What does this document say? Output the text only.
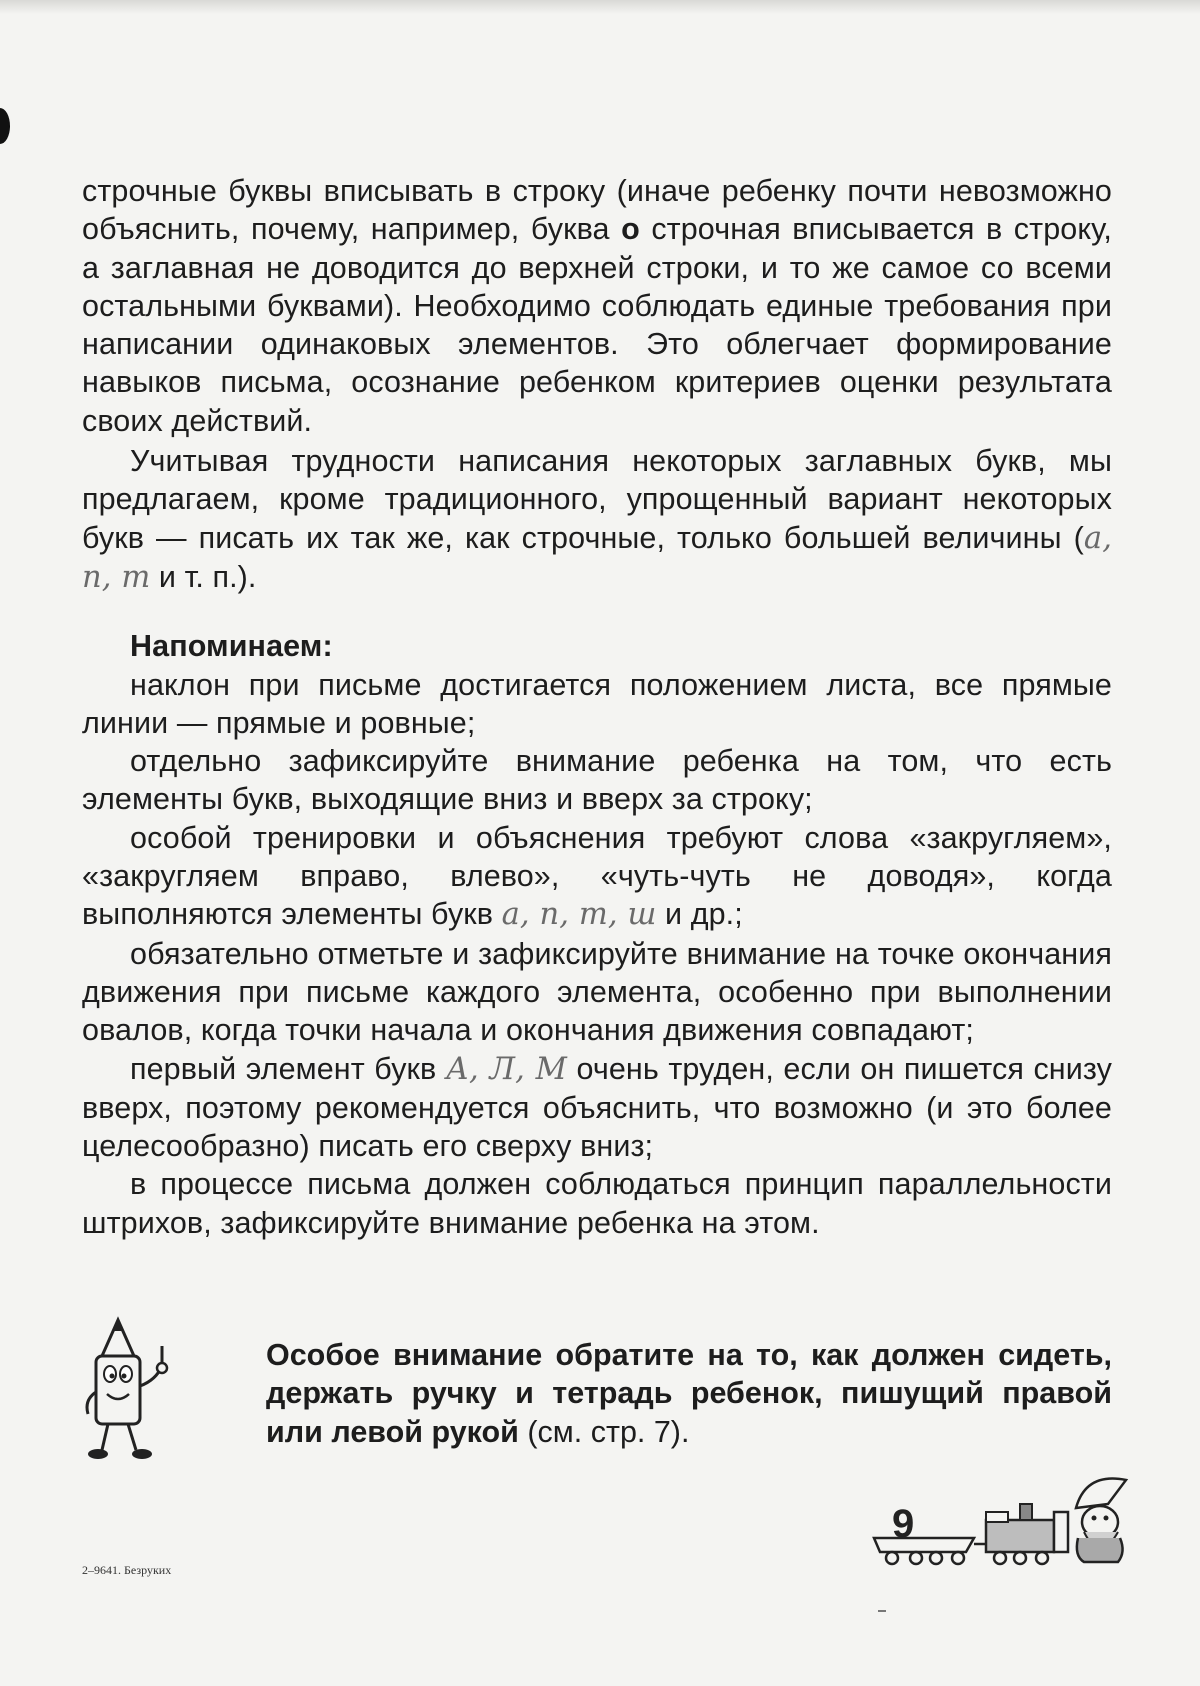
строчные буквы вписывать в строку (иначе ребенку почти невозможно объяснить, почему, например, буква о строчная вписывается в строку, а заглавная не доводится до верхней строки, и то же самое со всеми остальными буквами). Необходимо соблюдать единые требования при написании одинаковых элементов. Это облегчает формирование навыков письма, осознание ребенком критериев оценки результата своих действий.

Учитывая трудности написания некоторых заглавных букв, мы предлагаем, кроме традиционного, упрощенный вариант некоторых букв — писать их так же, как строчные, только большей величины (а, п, т и т. п.).

Напоминаем:

наклон при письме достигается положением листа, все прямые линии — прямые и ровные;

отдельно зафиксируйте внимание ребенка на том, что есть элементы букв, выходящие вниз и вверх за строку;

особой тренировки и объяснения требуют слова «закругляем», «закругляем вправо, влево», «чуть-чуть не доводя», когда выполняются элементы букв а, п, т, ш и др.;

обязательно отметьте и зафиксируйте внимание на точке окончания движения при письме каждого элемента, особенно при выполнении овалов, когда точки начала и окончания движения совпадают;

первый элемент букв А, Л, М очень труден, если он пишется снизу вверх, поэтому рекомендуется объяснить, что возможно (и это более целесообразно) писать его сверху вниз;

в процессе письма должен соблюдаться принцип параллельности штрихов, зафиксируйте внимание ребенка на этом.

Особое внимание обратите на то, как должен сидеть, держать ручку и тетрадь ребенок, пишущий правой или левой рукой (см. стр. 7).

9
2–9641. Безруких
